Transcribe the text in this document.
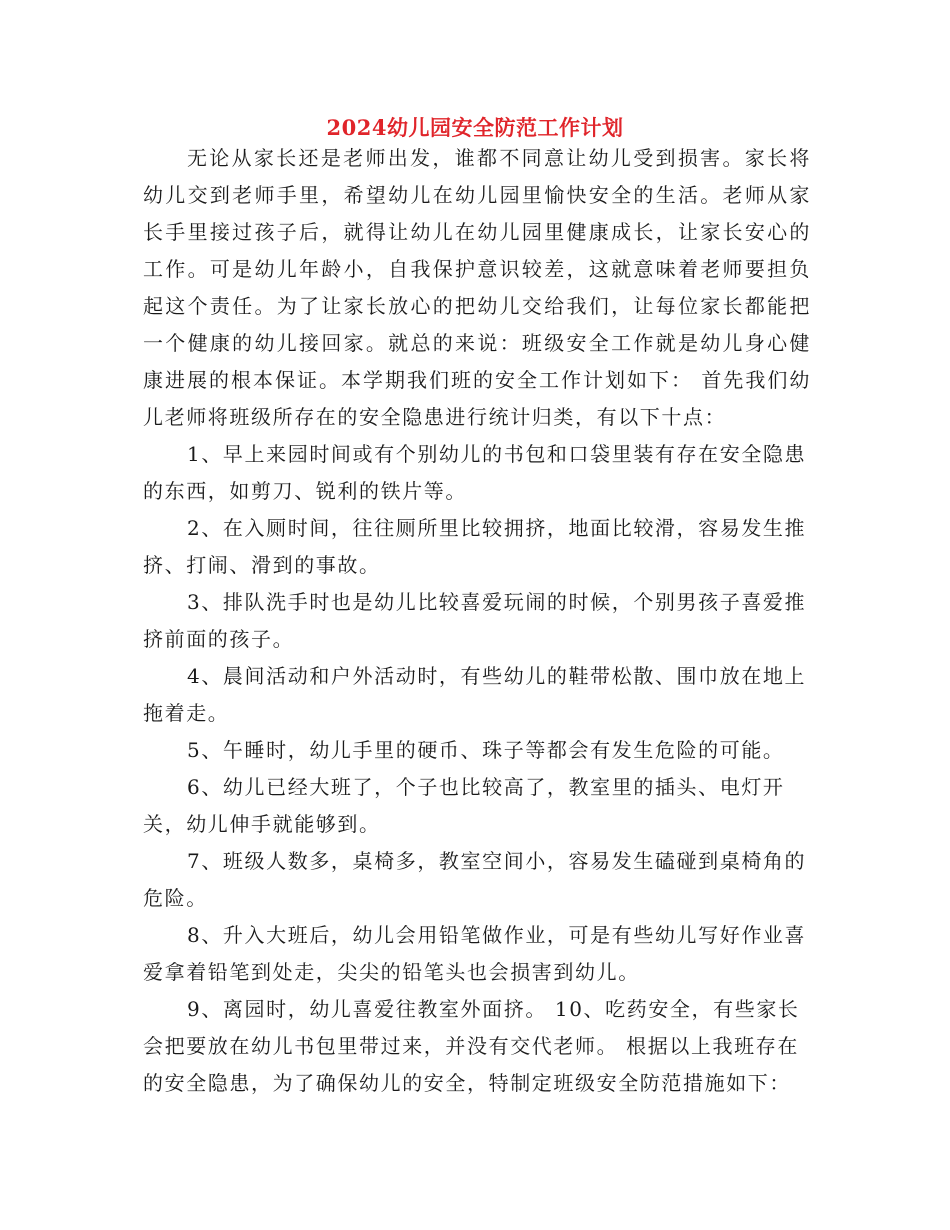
2024幼儿园安全防范工作计划

无论从家长还是老师出发，谁都不同意让幼儿受到损害。家长将幼儿交到老师手里，希望幼儿在幼儿园里愉快安全的生活。老师从家长手里接过孩子后，就得让幼儿在幼儿园里健康成长，让家长安心的工作。可是幼儿年龄小，自我保护意识较差，这就意味着老师要担负起这个责任。为了让家长放心的把幼儿交给我们，让每位家长都能把一个健康的幼儿接回家。就总的来说：班级安全工作就是幼儿身心健康进展的根本保证。本学期我们班的安全工作计划如下： 首先我们幼儿老师将班级所存在的安全隐患进行统计归类，有以下十点：

1、早上来园时间或有个别幼儿的书包和口袋里装有存在安全隐患的东西，如剪刀、锐利的铁片等。

2、在入厕时间，往往厕所里比较拥挤，地面比较滑，容易发生推挤、打闹、滑到的事故。

3、排队洗手时也是幼儿比较喜爱玩闹的时候，个别男孩子喜爱推挤前面的孩子。

4、晨间活动和户外活动时，有些幼儿的鞋带松散、围巾放在地上拖着走。

5、午睡时，幼儿手里的硬币、珠子等都会有发生危险的可能。

6、幼儿已经大班了，个子也比较高了，教室里的插头、电灯开关，幼儿伸手就能够到。

7、班级人数多，桌椅多，教室空间小，容易发生磕碰到桌椅角的危险。

8、升入大班后，幼儿会用铅笔做作业，可是有些幼儿写好作业喜爱拿着铅笔到处走，尖尖的铅笔头也会损害到幼儿。

9、离园时，幼儿喜爱往教室外面挤。 10、吃药安全，有些家长会把要放在幼儿书包里带过来，并没有交代老师。 根据以上我班存在的安全隐患，为了确保幼儿的安全，特制定班级安全防范措施如下：
